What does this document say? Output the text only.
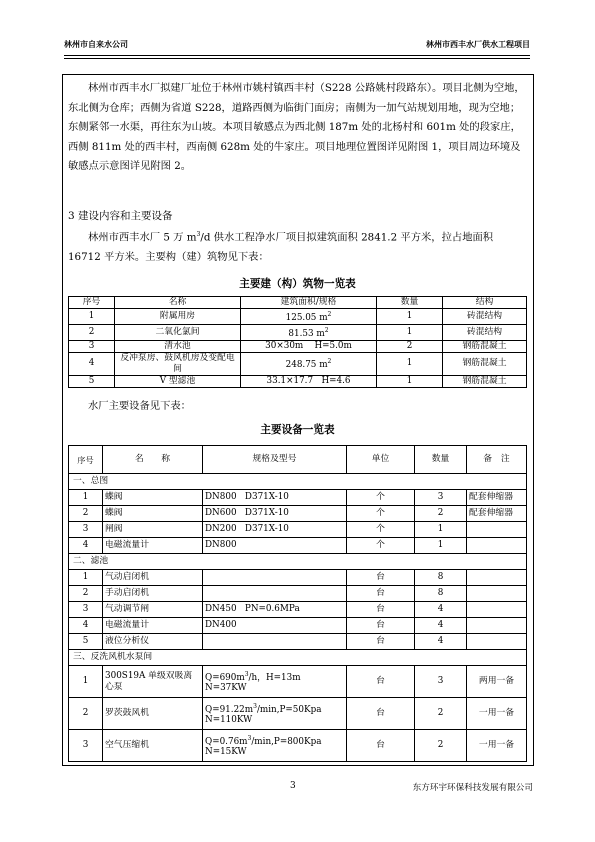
林州市自来水公司	林州市西丰水厂供水工程项目

林州市西丰水厂拟建厂址位于林州市姚村镇西丰村（S228 公路姚村段路东）。项目北侧为空地，东北侧为仓库；西侧为省道 S228，道路西侧为临街门面房；南侧为一加气站规划用地，现为空地；东侧紧邻一水渠，再往东为山坡。本项目敏感点为西北侧 187m 处的北杨村和 601m 处的段家庄，西侧 811m 处的西丰村，西南侧 628m 处的牛家庄。项目地理位置图详见附图 1，项目周边环境及敏感点示意图详见附图 2。

3 建设内容和主要设备

林州市西丰水厂 5 万 $m^3/d$ 供水工程净水厂项目拟建筑面积 2841.2 平方米，拉占地面积 16712 平方米。主要构（建）筑物见下表：

主要建（构）筑物一览表
序号	名称	建筑面积/规格	数量	结构
1	附属用房	125.05 $m^2$	1	砖混结构
2	二氧化氯间	81.53 $m^2$	1	砖混结构
3	清水池	30×30m    H=5.0m	2	钢筋混凝土
4	反冲泵房、鼓风机房及变配电间	248.75 $m^2$	1	钢筋混凝土
5	V 型滤池	33.1×17.7   H=4.6	1	钢筋混凝土

水厂主要设备见下表：

主要设备一览表
序号	名　　称	规格及型号	单位	数量	备　注
一、总图					
1	蝶阀	DN800   D371X-10	个	3	配套伸缩器
2	蝶阀	DN600   D371X-10	个	2	配套伸缩器
3	闸阀	DN200   D371X-10	个	1	
4	电磁流量计	DN800	个	1	
二、滤池					
1	气动启闭机		台	8	
2	手动启闭机		台	8	
3	气动调节闸	DN450   PN=0.6MPa	台	4	
4	电磁流量计	DN400	台	4	
5	液位分析仪		台	4	
三、反洗风机水泵间					
1	300S19A 单级双吸离心泵	$Q=690m^3/h$，H=13m
N=37KW	台	3	两用一备
2	罗茨鼓风机	$Q=91.22m^3/\min,P=50Kpa$
N=110KW	台	2	一用一备
3	空气压缩机	$Q=0.76m^3/\min,P=800Kpa$
N=15KW	台	2	一用一备
3	东方环宇环保科技发展有限公司
